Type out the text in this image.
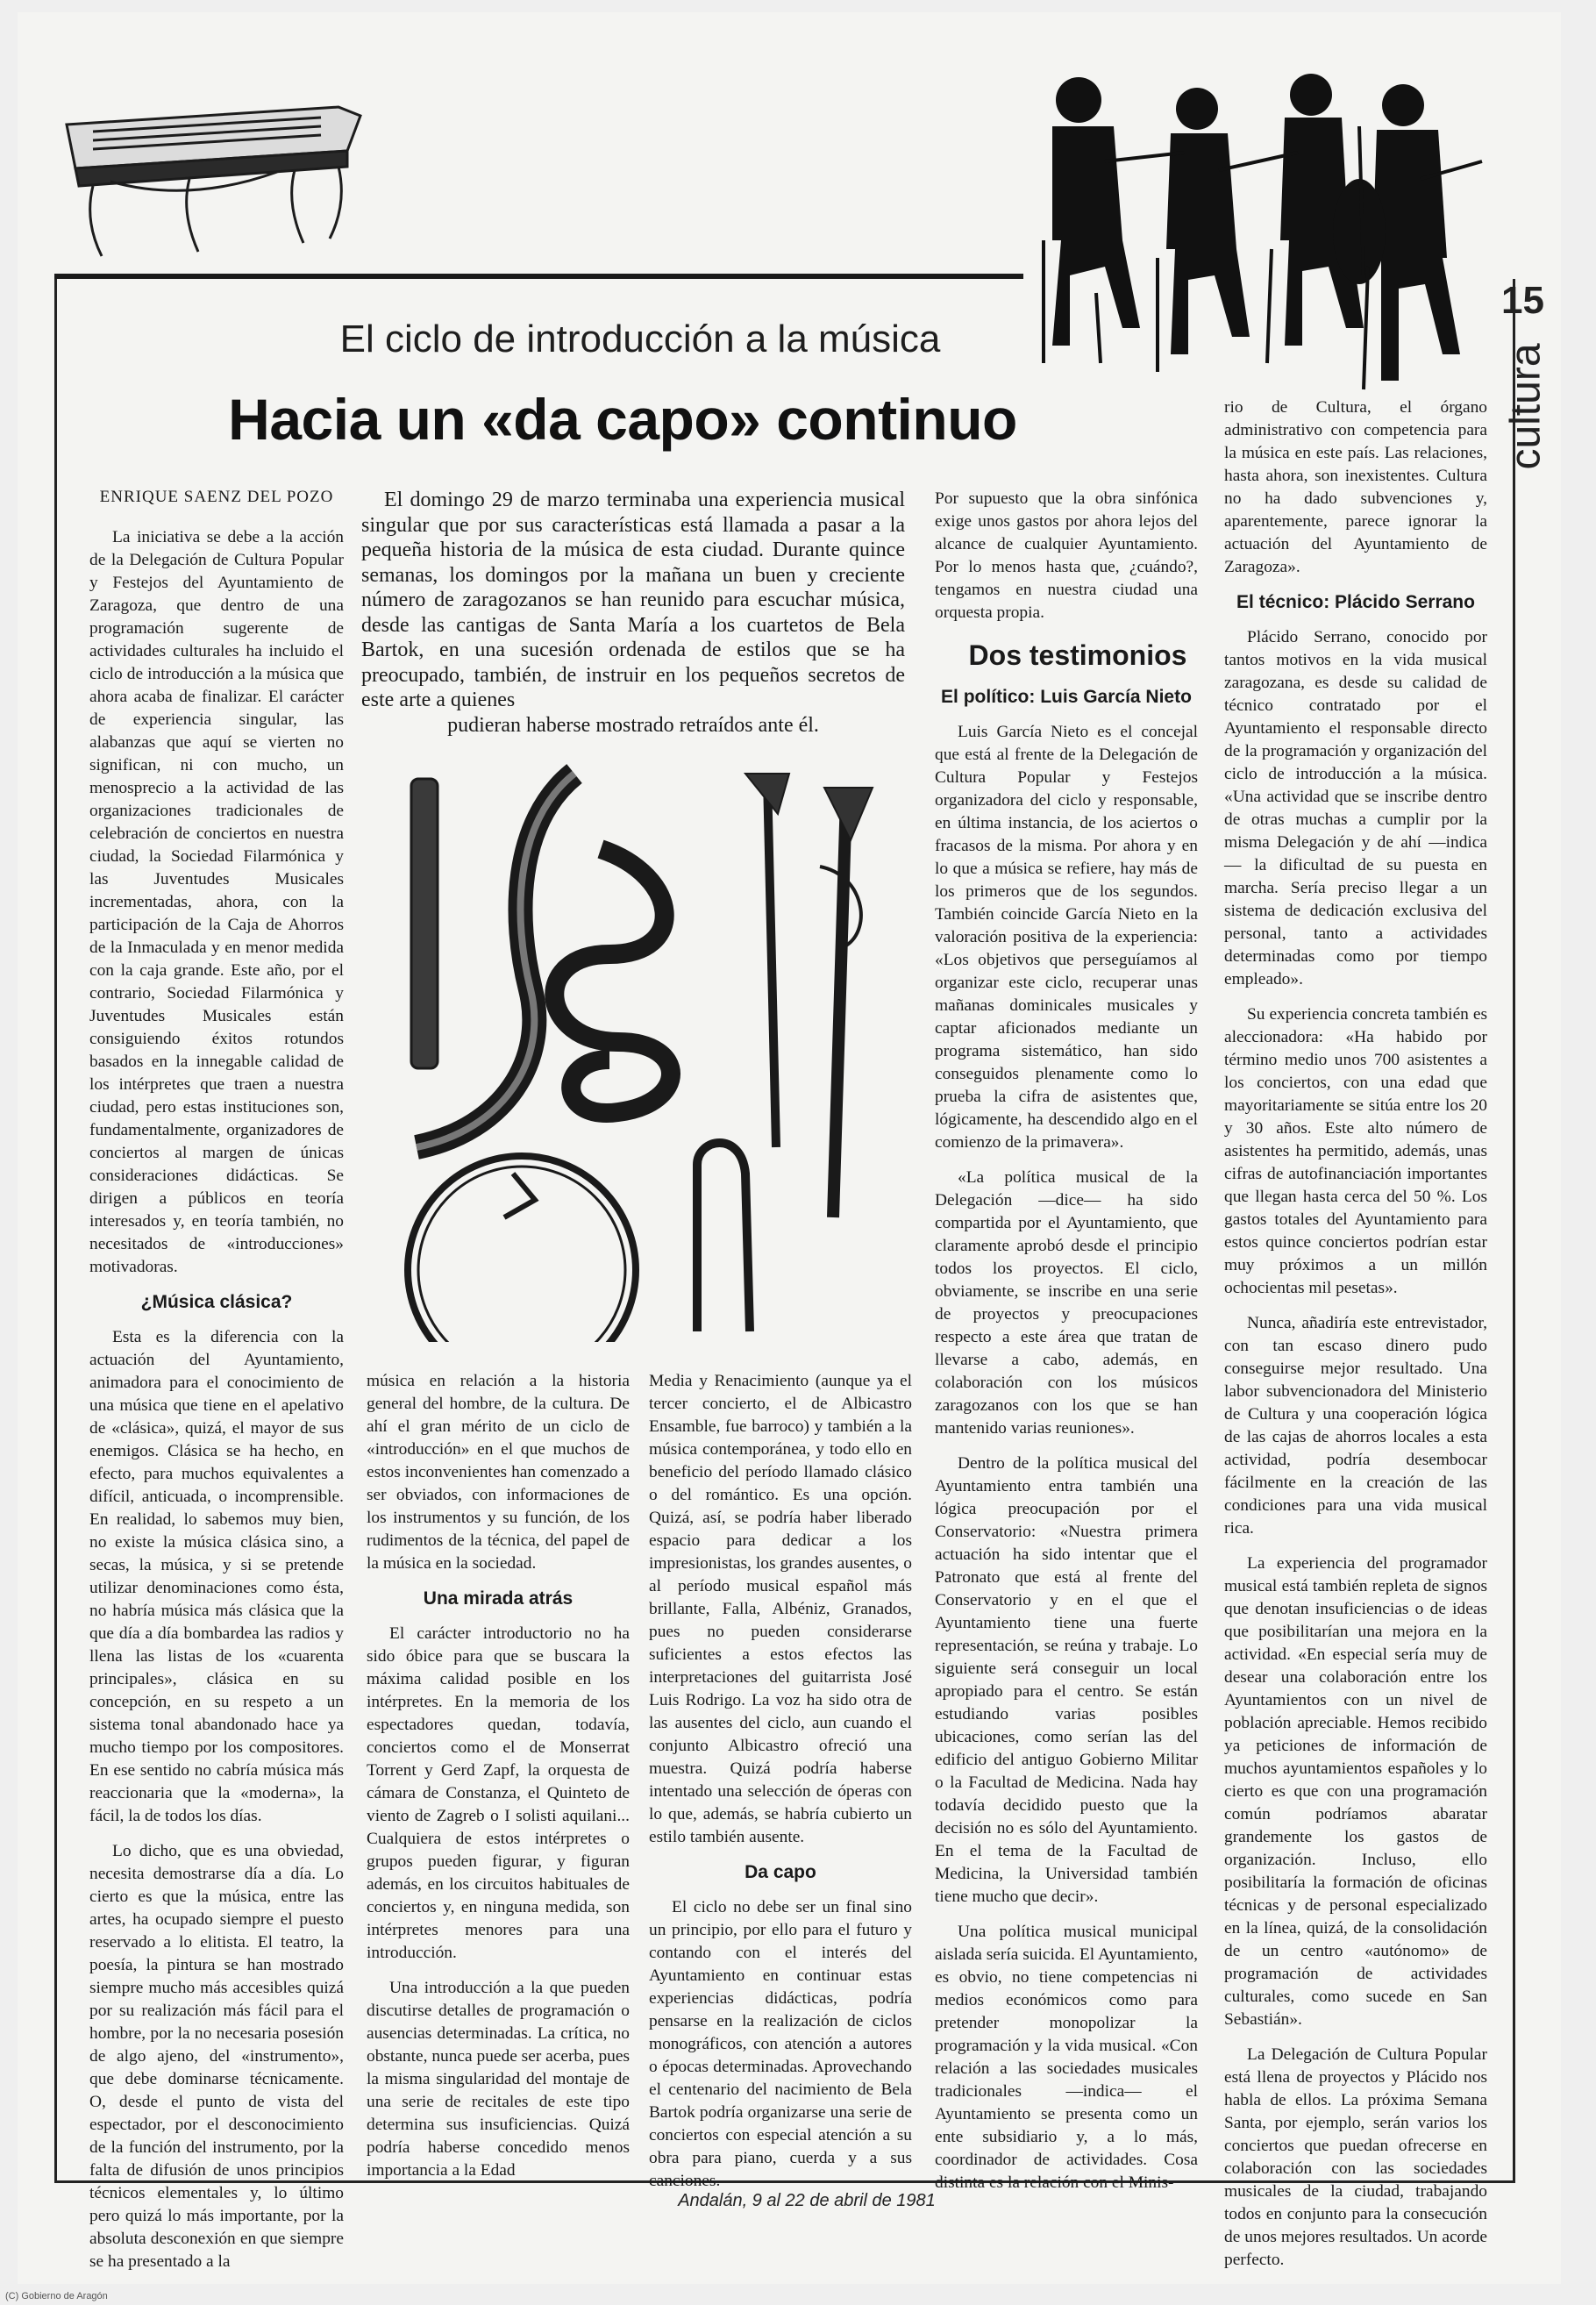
15
cultura
El ciclo de introducción a la música
Hacia un «da capo» continuo
ENRIQUE SAENZ DEL POZO	El domingo 29 de marzo terminaba una experiencia musical singular que por sus características está llamada a pasar a la pequeña historia de la música de esta ciudad. Durante quince semanas, los domingos por la mañana un buen y creciente número de zaragozanos se han reunido para escuchar música, desde las cantigas de Santa María a los cuartetos de Bela Bartok, en una sucesión ordenada de estilos que se ha preocupado, también, de instruir en los pequeños secretos de este arte a quienes

pudieran haberse mostrado retraídos ante él.

La iniciativa se debe a la acción de la Delegación de Cultura Popular y Festejos del Ayuntamiento de Zaragoza, que dentro de una programación sugerente de actividades culturales ha incluido el ciclo de introducción a la música que ahora acaba de finalizar. El carácter de experiencia singular, las alabanzas que aquí se vierten no significan, ni con mucho, un menosprecio a la actividad de las organizaciones tradicionales de celebración de conciertos en nuestra ciudad, la Sociedad Filarmónica y las Juventudes Musicales incrementadas, ahora, con la participación de la Caja de Ahorros de la Inmaculada y en menor medida con la caja grande. Este año, por el contrario, Sociedad Filarmónica y Juventudes Musicales están consiguiendo éxitos rotundos basados en la innegable calidad de los intérpretes que traen a nuestra ciudad, pero estas instituciones son, fundamentalmente, organizadores de conciertos al margen de únicas consideraciones didácticas. Se dirigen a públicos en teoría interesados y, en teoría también, no necesitados de «introducciones» motivadoras.

¿Música clásica?

Esta es la diferencia con la actuación del Ayuntamiento, animadora para el conocimiento de una música que tiene en el apelativo de «clásica», quizá, el mayor de sus enemigos. Clásica se ha hecho, en efecto, para muchos equivalentes a difícil, anticuada, o incomprensible. En realidad, lo sabemos muy bien, no existe la música clásica sino, a secas, la música, y si se pretende utilizar denominaciones como ésta, no habría música más clásica que la que día a día bombardea las radios y llena las listas de los «cuarenta principales», clásica en su concepción, en su respeto a un sistema tonal abandonado hace ya mucho tiempo por los compositores. En ese sentido no cabría música más reaccionaria que la «moderna», la fácil, la de todos los días.

Lo dicho, que es una obviedad, necesita demostrarse día a día. Lo cierto es que la música, entre las artes, ha ocupado siempre el puesto reservado a lo elitista. El teatro, la poesía, la pintura se han mostrado siempre mucho más accesibles quizá por su realización más fácil para el hombre, por la no necesaria posesión de algo ajeno, del «instrumento», que debe dominarse técnicamente. O, desde el punto de vista del espectador, por el desconocimiento de la función del instrumento, por la falta de difusión de unos principios técnicos elementales y, lo último pero quizá lo más importante, por la absoluta desconexión en que siempre se ha presentado a la

música en relación a la historia general del hombre, de la cultura. De ahí el gran mérito de un ciclo de «introducción» en el que muchos de estos inconvenientes han comenzado a ser obviados, con informaciones de los instrumentos y su función, de los rudimentos de la técnica, del papel de la música en la sociedad.

Una mirada atrás

El carácter introductorio no ha sido óbice para que se buscara la máxima calidad posible en los intérpretes. En la memoria de los espectadores quedan, todavía, conciertos como el de Monserrat Torrent y Gerd Zapf, la orquesta de cámara de Constanza, el Quinteto de viento de Zagreb o I solisti aquilani... Cualquiera de estos intérpretes o grupos pueden figurar, y figuran además, en los circuitos habituales de conciertos y, en ninguna medida, son intérpretes menores para una introducción.

Una introducción a la que pueden discutirse detalles de programación o ausencias determinadas. La crítica, no obstante, nunca puede ser acerba, pues la misma singularidad del montaje de una serie de recitales de este tipo determina sus insuficiencias. Quizá podría haberse concedido menos importancia a la Edad

Media y Renacimiento (aunque ya el tercer concierto, el de Albicastro Ensamble, fue barroco) y también a la música contemporánea, y todo ello en beneficio del período llamado clásico o del romántico. Es una opción. Quizá, así, se podría haber liberado espacio para dedicar a los impresionistas, los grandes ausentes, o al período musical español más brillante, Falla, Albéniz, Granados, pues no pueden considerarse suficientes a estos efectos las interpretaciones del guitarrista José Luis Rodrigo. La voz ha sido otra de las ausentes del ciclo, aun cuando el conjunto Albicastro ofreció una muestra. Quizá podría haberse intentado una selección de óperas con lo que, además, se habría cubierto un estilo también ausente.

Da capo

El ciclo no debe ser un final sino un principio, por ello para el futuro y contando con el interés del Ayuntamiento en continuar estas experiencias didácticas, podría pensarse en la realización de ciclos monográficos, con atención a autores o épocas determinadas. Aprovechando el centenario del nacimiento de Bela Bartok podría organizarse una serie de conciertos con especial atención a su obra para piano, cuerda y a sus canciones.

Por supuesto que la obra sinfónica exige unos gastos por ahora lejos del alcance de cualquier Ayuntamiento. Por lo menos hasta que, ¿cuándo?, tengamos en nuestra ciudad una orquesta propia.

Dos testimonios

El político: Luis García Nieto

Luis García Nieto es el concejal que está al frente de la Delegación de Cultura Popular y Festejos organizadora del ciclo y responsable, en última instancia, de los aciertos o fracasos de la misma. Por ahora y en lo que a música se refiere, hay más de los primeros que de los segundos. También coincide García Nieto en la valoración positiva de la experiencia: «Los objetivos que perseguíamos al organizar este ciclo, recuperar unas mañanas dominicales musicales y captar aficionados mediante un programa sistemático, han sido conseguidos plenamente como lo prueba la cifra de asistentes que, lógicamente, ha descendido algo en el comienzo de la primavera».

«La política musical de la Delegación —dice— ha sido compartida por el Ayuntamiento, que claramente aprobó desde el principio todos los proyectos. El ciclo, obviamente, se inscribe en una serie de proyectos y preocupaciones respecto a este área que tratan de llevarse a cabo, además, en colaboración con los músicos zaragozanos con los que se han mantenido varias reuniones».

Dentro de la política musical del Ayuntamiento entra también una lógica preocupación por el Conservatorio: «Nuestra primera actuación ha sido intentar que el Patronato que está al frente del Conservatorio y en el que el Ayuntamiento tiene una fuerte representación, se reúna y trabaje. Lo siguiente será conseguir un local apropiado para el centro. Se están estudiando varias posibles ubicaciones, como serían las del edificio del antiguo Gobierno Militar o la Facultad de Medicina. Nada hay todavía decidido puesto que la decisión no es sólo del Ayuntamiento. En el tema de la Facultad de Medicina, la Universidad también tiene mucho que decir».

Una política musical municipal aislada sería suicida. El Ayuntamiento, es obvio, no tiene competencias ni medios económicos como para pretender monopolizar la programación y la vida musical. «Con relación a las sociedades musicales tradicionales —indica— el Ayuntamiento se presenta como un ente subsidiario y, a lo más, coordinador de actividades. Cosa distinta es la relación con el Minis-

rio de Cultura, el órgano administrativo con competencia para la música en este país. Las relaciones, hasta ahora, son inexistentes. Cultura no ha dado subvenciones y, aparentemente, parece ignorar la actuación del Ayuntamiento de Zaragoza».

El técnico: Plácido Serrano

Plácido Serrano, conocido por tantos motivos en la vida musical zaragozana, es desde su calidad de técnico contratado por el Ayuntamiento el responsable directo de la programación y organización del ciclo de introducción a la música. «Una actividad que se inscribe dentro de otras muchas a cumplir por la misma Delegación y de ahí —indica— la dificultad de su puesta en marcha. Sería preciso llegar a un sistema de dedicación exclusiva del personal, tanto a actividades determinadas como por tiempo empleado».

Su experiencia concreta también es aleccionadora: «Ha habido por término medio unos 700 asistentes a los conciertos, con una edad que mayoritariamente se sitúa entre los 20 y 30 años. Este alto número de asistentes ha permitido, además, unas cifras de autofinanciación importantes que llegan hasta cerca del 50 %. Los gastos totales del Ayuntamiento para estos quince conciertos podrían estar muy próximos a un millón ochocientas mil pesetas».

Nunca, añadiría este entrevistador, con tan escaso dinero pudo conseguirse mejor resultado. Una labor subvencionadora del Ministerio de Cultura y una cooperación lógica de las cajas de ahorros locales a esta actividad, podría desembocar fácilmente en la creación de las condiciones para una vida musical rica.

La experiencia del programador musical está también repleta de signos que denotan insuficiencias o de ideas que posibilitarían una mejora en la actividad. «En especial sería muy de desear una colaboración entre los Ayuntamientos con un nivel de población apreciable. Hemos recibido ya peticiones de información de muchos ayuntamientos españoles y lo cierto es que con una programación común podríamos abaratar grandemente los gastos de organización. Incluso, ello posibilitaría la formación de oficinas técnicas y de personal especializado en la línea, quizá, de la consolidación de un centro «autónomo» de programación de actividades culturales, como sucede en San Sebastián».

La Delegación de Cultura Popular está llena de proyectos y Plácido nos habla de ellos. La próxima Semana Santa, por ejemplo, serán varios los conciertos que puedan ofrecerse en colaboración con las sociedades musicales de la ciudad, trabajando todos en conjunto para la consecución de unos mejores resultados. Un acorde perfecto.

Andalán, 9 al 22 de abril de 1981
(C) Gobierno de Aragón
